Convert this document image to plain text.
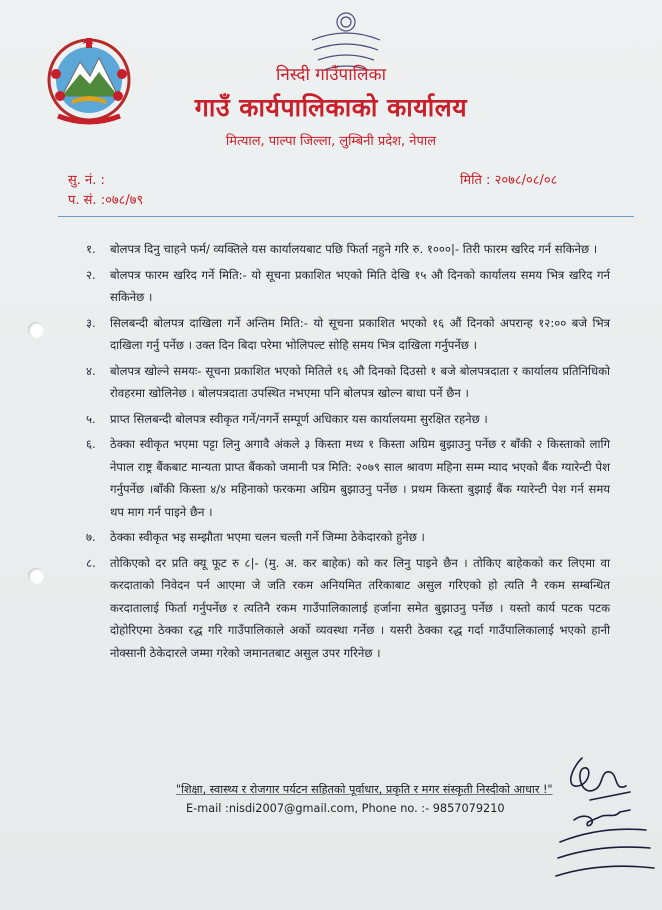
निस्दी गाउँपालिका
गाउँ कार्यपालिकाको कार्यालय
मित्याल, पाल्पा जिल्ला, लुम्बिनी प्रदेश, नेपाल
सु. नं. :
प. सं. :०७८/७९
मिति : २०७८/०८/०८
१.	बोलपत्र दिनु चाहने फर्म/ व्यक्तिले यस कार्यालयबाट पछि फिर्ता नहुने गरि रु. १०००|- तिरी फारम खरिद गर्न सकिनेछ ।
२.	बोलपत्र फारम खरिद गर्ने मिति:- यो सूचना प्रकाशित भएको मिति देखि १५ औ दिनको कार्यालय समय भित्र खरिद गर्न सकिनेछ ।
३.	सिलबन्दी बोलपत्र दाखिला गर्ने अन्तिम मिति:- यो सूचना प्रकाशित भएको १६ औं दिनको अपरान्ह १२:०० बजे भित्र दाखिला गर्नु पर्नेछ । उक्त दिन बिदा परेमा भोलिपल्ट सोहि समय भित्र दाखिला गर्नुपर्नेछ ।
४.	बोलपत्र खोल्ने समयः- सूचना प्रकाशित भएको मितिले १६ औ दिनको दिउसो १ बजे बोलपत्रदाता र कार्यालय प्रतिनिधिको रोवहरमा खोलिनेछ । बोलपत्रदाता उपस्थित नभएमा पनि बोलपत्र खोल्न बाधा पर्ने छैन ।
५.	प्राप्त सिलबन्दी बोलपत्र स्वीकृत गर्ने/नगर्ने सम्पूर्ण अधिकार यस कार्यालयमा सुरक्षित रहनेछ ।
६.	ठेक्का स्वीकृत भएमा पट्टा लिनु अगावै अंकले ३ किस्ता मध्य १ किस्ता अग्रिम बुझाउनु पर्नेछ र बाँकी २ किस्ताको लागि नेपाल राष्ट्र बैंकबाट मान्यता प्राप्त बैंकको जमानी पत्र मिति: २०७९ साल श्रावण महिना सम्म म्याद भएको बैंक ग्यारेन्टी पेश गर्नुपर्नेछ ।बाँकी किस्ता ४/४ महिनाको फरकमा अग्रिम बुझाउनु पर्नेछ । प्रथम किस्ता बुझाई बैंक ग्यारेन्टी पेश गर्न समय थप माग गर्न पाइने छैन ।
७.	ठेक्का स्वीकृत भइ सम्झौता भएमा चलन चल्ती गर्ने जिम्मा ठेकेदारको हुनेछ ।
८.	तोकिएको दर प्रति क्यू फूट रु ८|- (मु. अ. कर बाहेक) को कर लिनु पाइने छैन । तोकिए बाहेकको कर लिएमा वा करदाताको निवेदन पर्न आएमा जे जति रकम अनियमित तरिकाबाट असुल गरिएको हो त्यति नै रकम सम्बन्धित करदातालाई फिर्ता गर्नुपर्नेछ र त्यतिनै रकम गाउँपालिकालाई हर्जाना समेत बुझाउनु पर्नेछ । यस्तो कार्य पटक पटक दोहोरिएमा ठेक्का रद्ध गरि गाउँपालिकाले अर्को व्यवस्था गर्नेछ । यसरी ठेक्का रद्ध गर्दा गाउँपालिकालाई भएको हानी नोक्सानी ठेकेदारले जम्मा गरेको जमानतबाट असुल उपर गरिनेछ ।
"शिक्षा, स्वास्थ्य र रोजगार पर्यटन सहितको पूर्वाधार, प्रकृति र मगर संस्कृती निस्दीको आधार !"
E-mail :nisdi2007@gmail.com, Phone no. :- 9857079210
